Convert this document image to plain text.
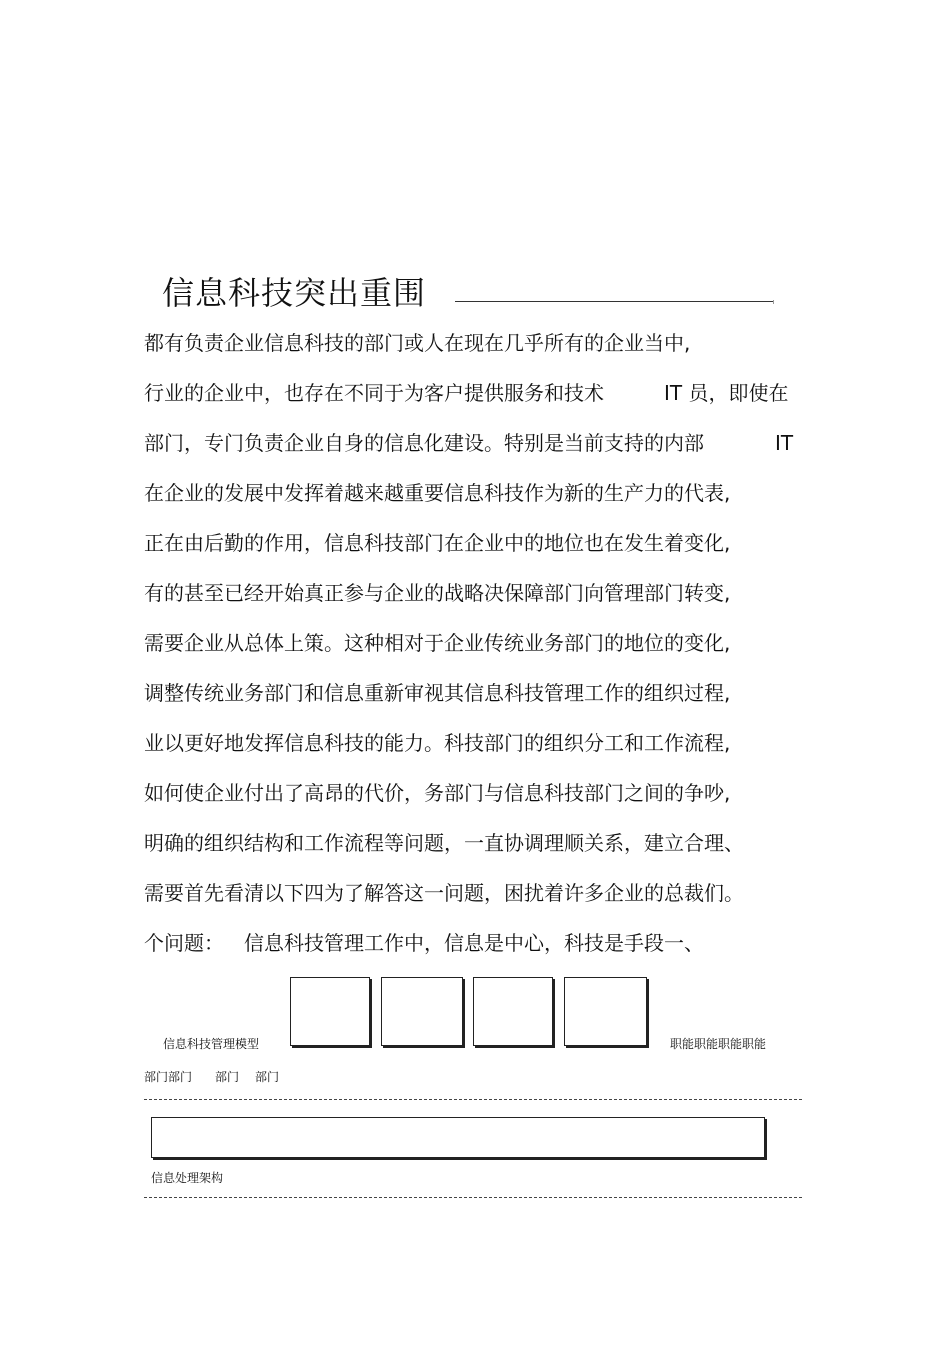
信息科技突出重围
都有负责企业信息科技的部门或人在现在几乎所有的企业当中,
行业的企业中，也存在不同于为客户提供服务和技术	IT 员，即使在
部门，专门负责企业自身的信息化建设。特别是当前支持的内部	IT
在企业的发展中发挥着越来越重要信息科技作为新的生产力的代表,
正在由后勤的作用，信息科技部门在企业中的地位也在发生着变化,
有的甚至已经开始真正参与企业的战略决保障部门向管理部门转变,
需要企业从总体上策。这种相对于企业传统业务部门的地位的变化,
调整传统业务部门和信息重新审视其信息科技管理工作的组织过程,
业以更好地发挥信息科技的能力。科技部门的组织分工和工作流程,
如何使企业付出了高昂的代价，务部门与信息科技部门之间的争吵,
明确的组织结构和工作流程等问题，一直协调理顺关系，建立合理、
需要首先看清以下四为了解答这一问题，困扰着许多企业的总裁们。
个问题： 信息科技管理工作中，信息是中心，科技是手段一、
信息科技管理模型	职能职能职能职能
部门部门 部门 部门
信息处理架构
